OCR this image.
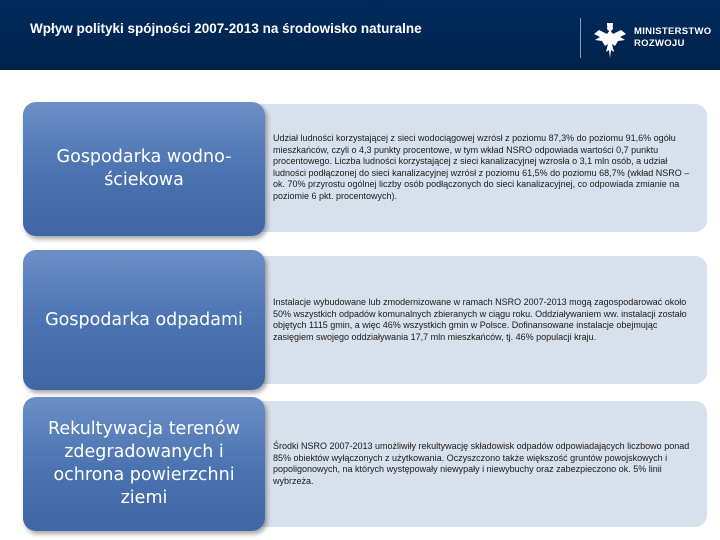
Wpływ polityki spójności 2007-2013 na środowisko naturalne	MINISTERSTWO
ROZWOJU
Udział ludności korzystającej z sieci wodociągowej wzrósł z poziomu 87,3% do poziomu 91,6% ogółu mieszkańców, czyli o 4,3 punkty procentowe, w tym wkład NSRO odpowiada wartości 0,7 punktu procentowego. Liczba ludności korzystającej z sieci kanalizacyjnej wzrosła o 3,1 mln osób, a udział ludności podłączonej do sieci kanalizacyjnej wzrósł z poziomu 61,5% do poziomu 68,7% (wkład NSRO – ok. 70% przyrostu ogólnej liczby osób podłączonych do sieci kanalizacyjnej, co odpowiada zmianie na poziomie 6 pkt. procentowych).
Gospodarka wodno-ściekowa
Instalacje wybudowane lub zmodernizowane w ramach NSRO 2007-2013 mogą zagospodarować około 50% wszystkich odpadów komunalnych zbieranych w ciągu roku. Oddziaływaniem ww. instalacji zostało objętych 1115 gmin, a więc 46% wszystkich gmin w Polsce. Dofinansowane instalacje obejmując zasięgiem swojego oddziaływania 17,7 mln mieszkańców, tj. 46% populacji kraju.
Gospodarka odpadami
Środki NSRO 2007-2013 umożliwiły rekultywację składowisk odpadów odpowiadających liczbowo ponad 85% obiektów wyłączonych z użytkowania. Oczyszczono także większość gruntów powojskowych i popoligonowych, na których występowały niewypały i niewybuchy oraz zabezpieczono ok. 5% linii wybrzeża.
Rekultywacja terenów zdegradowanych i ochrona powierzchni ziemi
